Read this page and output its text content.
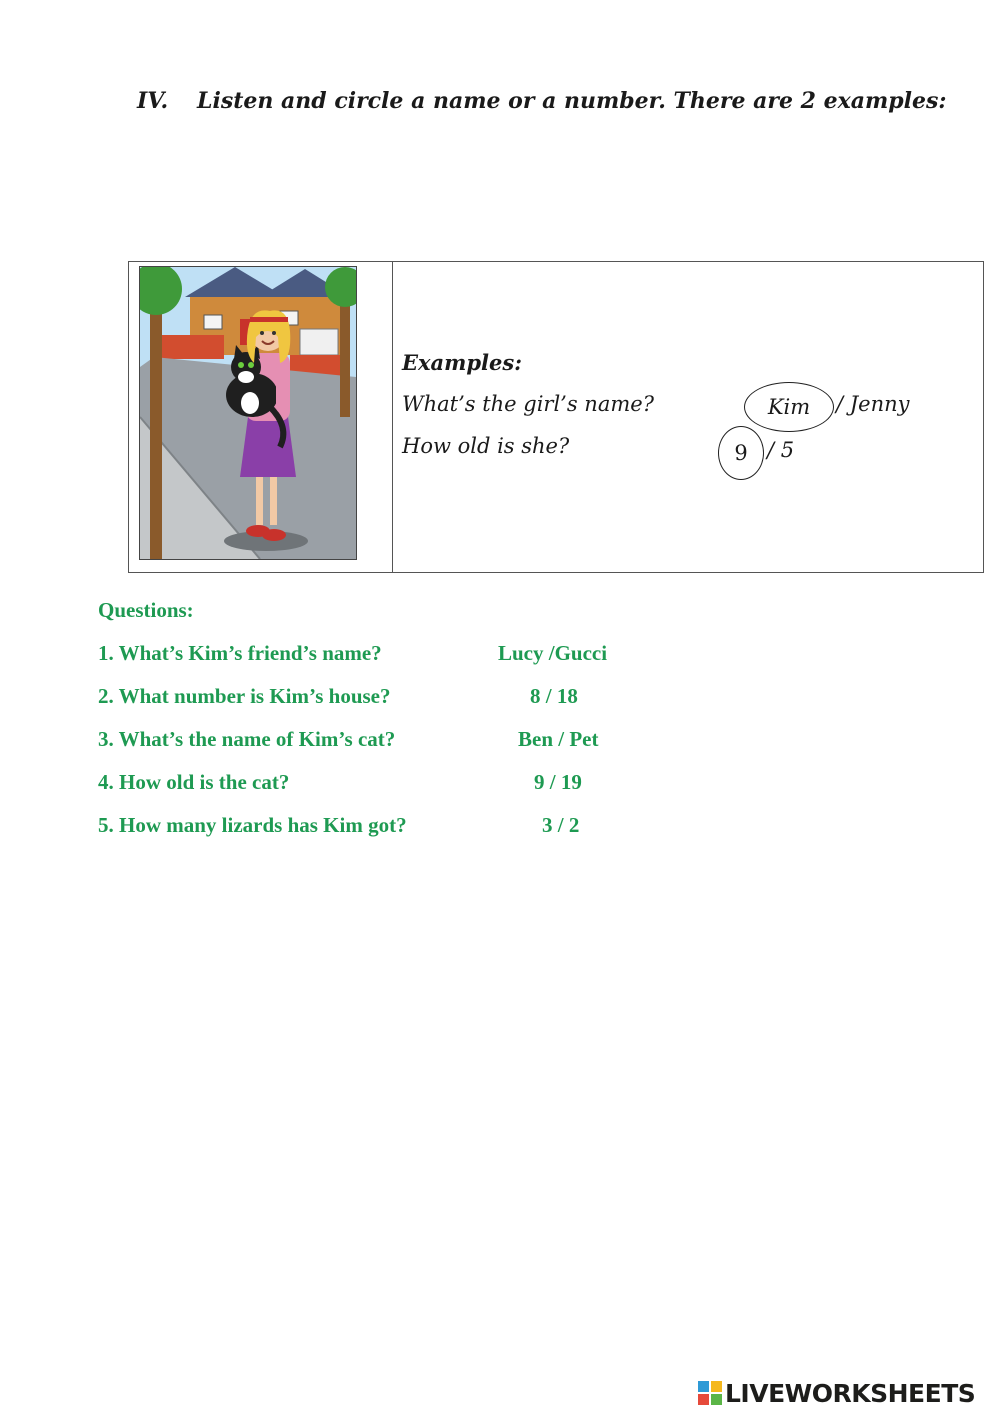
IV. Listen and circle a name or a number. There are 2 examples:
Examples:
What’s the girl’s name?	Kim	/ Jenny
How old is she?	9 / 5
Questions:
1. What’s Kim’s friend’s name?	Lucy /Gucci
2. What number is Kim’s house?	8 / 18
3. What’s the name of Kim’s cat?	Ben / Pet
4. How old is the cat?	9 / 19
5. How many lizards has Kim got?	3 / 2
LIVEWORKSHEETS
